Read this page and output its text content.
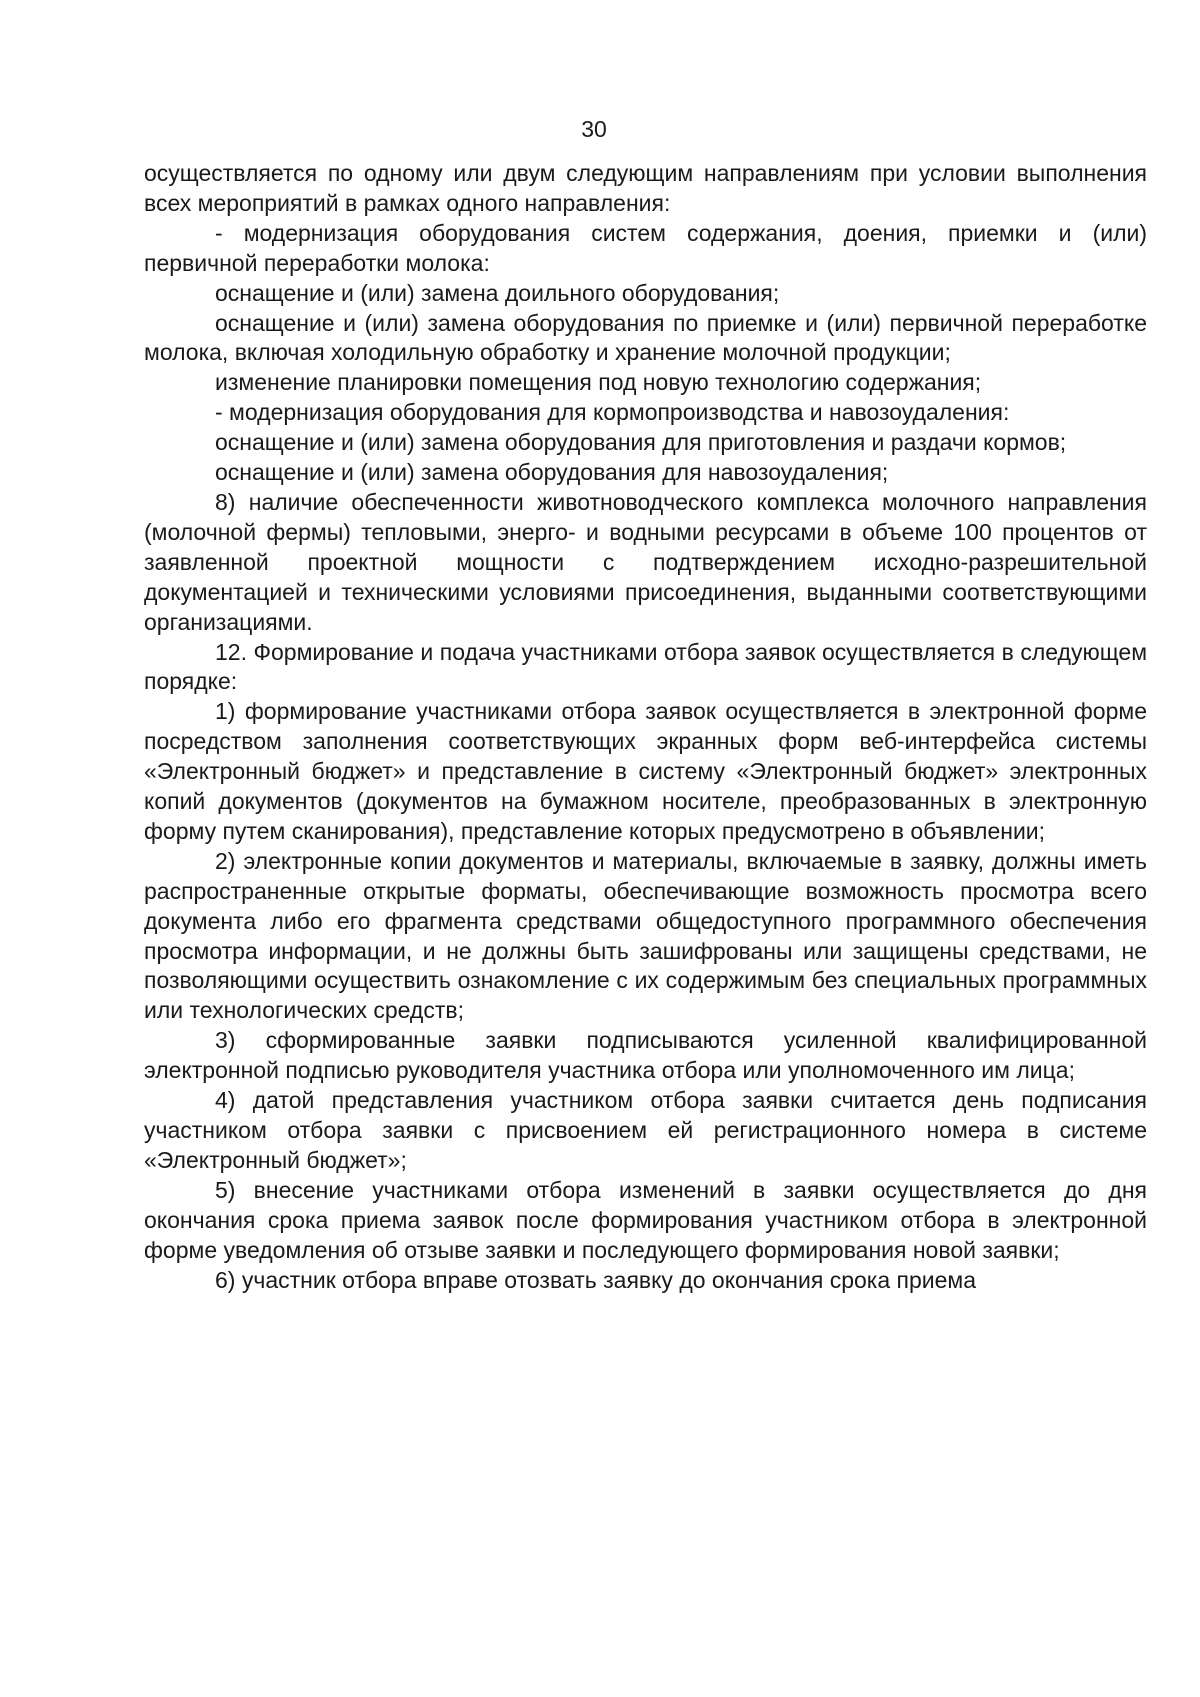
30

осуществляется по одному или двум следующим направлениям при условии выполнения всех мероприятий в рамках одного направления:

- модернизация оборудования систем содержания, доения, приемки и (или) первичной переработки молока:

оснащение и (или) замена доильного оборудования;

оснащение и (или) замена оборудования по приемке и (или) первичной переработке молока, включая холодильную обработку и хранение молочной продукции;

изменение планировки помещения под новую технологию содержания;

- модернизация оборудования для кормопроизводства и навозоудаления:

оснащение и (или) замена оборудования для приготовления и раздачи кормов;

оснащение и (или) замена оборудования для навозоудаления;

8) наличие обеспеченности животноводческого комплекса молочного направления (молочной фермы) тепловыми, энерго- и водными ресурсами в объеме 100 процентов от заявленной проектной мощности с подтверждением исходно-разрешительной документацией и техническими условиями присоединения, выданными соответствующими организациями.

12. Формирование и подача участниками отбора заявок осуществляется в следующем порядке:

1) формирование участниками отбора заявок осуществляется в электронной форме посредством заполнения соответствующих экранных форм веб-интерфейса системы «Электронный бюджет» и представление в систему «Электронный бюджет» электронных копий документов (документов на бумажном носителе, преобразованных в электронную форму путем сканирования), представление которых предусмотрено в объявлении;

2) электронные копии документов и материалы, включаемые в заявку, должны иметь распространенные открытые форматы, обеспечивающие возможность просмотра всего документа либо его фрагмента средствами общедоступного программного обеспечения просмотра информации, и не должны быть зашифрованы или защищены средствами, не позволяющими осуществить ознакомление с их содержимым без специальных программных или технологических средств;

3) сформированные заявки подписываются усиленной квалифицированной электронной подписью руководителя участника отбора или уполномоченного им лица;

4) датой представления участником отбора заявки считается день подписания участником отбора заявки с присвоением ей регистрационного номера в системе «Электронный бюджет»;

5) внесение участниками отбора изменений в заявки осуществляется до дня окончания срока приема заявок после формирования участником отбора в электронной форме уведомления об отзыве заявки и последующего формирования новой заявки;

6) участник отбора вправе отозвать заявку до окончания срока приема
